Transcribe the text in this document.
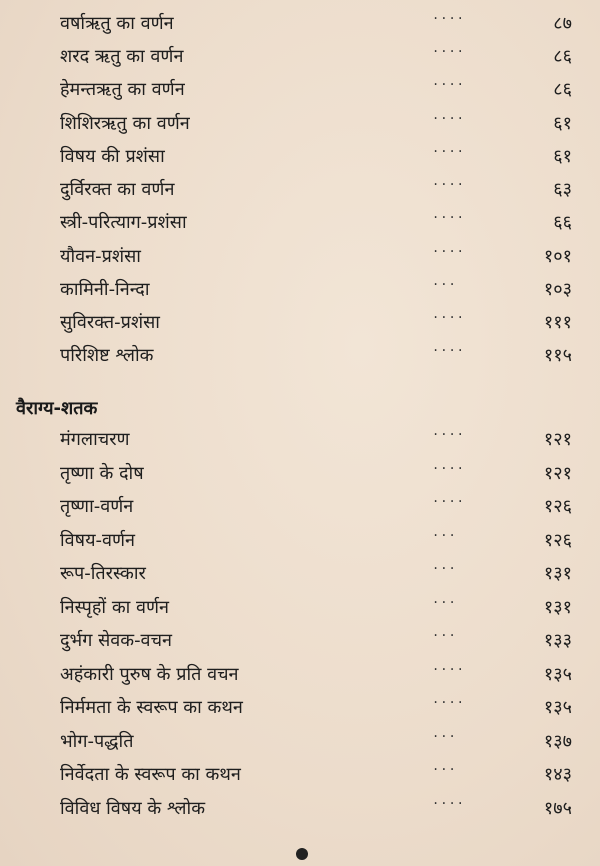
वर्षाऋतु का वर्णन	....	८७
शरद ऋतु का वर्णन	....	८६
हेमन्तऋतु का वर्णन	....	८६
शिशिरऋतु का वर्णन	....	६१
विषय की प्रशंसा	....	६१
दुर्विरक्त का वर्णन	....	६३
स्त्री-परित्याग-प्रशंसा	....	६६
यौवन-प्रशंसा	....	१०१
कामिनी-निन्दा	...	१०३
सुविरक्त-प्रशंसा	....	१११
परिशिष्ट श्लोक	....	११५
वैराग्य-शतक
मंगलाचरण	....	१२१
तृष्णा के दोष	....	१२१
तृष्णा-वर्णन	....	१२६
विषय-वर्णन	...	१२६
रूप-तिरस्कार	...	१३१
निस्पृहों का वर्णन	...	१३१
दुर्भग सेवक-वचन	...	१३३
अहंकारी पुरुष के प्रति वचन	....	१३५
निर्ममता के स्वरूप का कथन	....	१३५
भोग-पद्धति	...	१३७
निर्वेदता के स्वरूप का कथन	...	१४३
विविध विषय के श्लोक	....	१७५
